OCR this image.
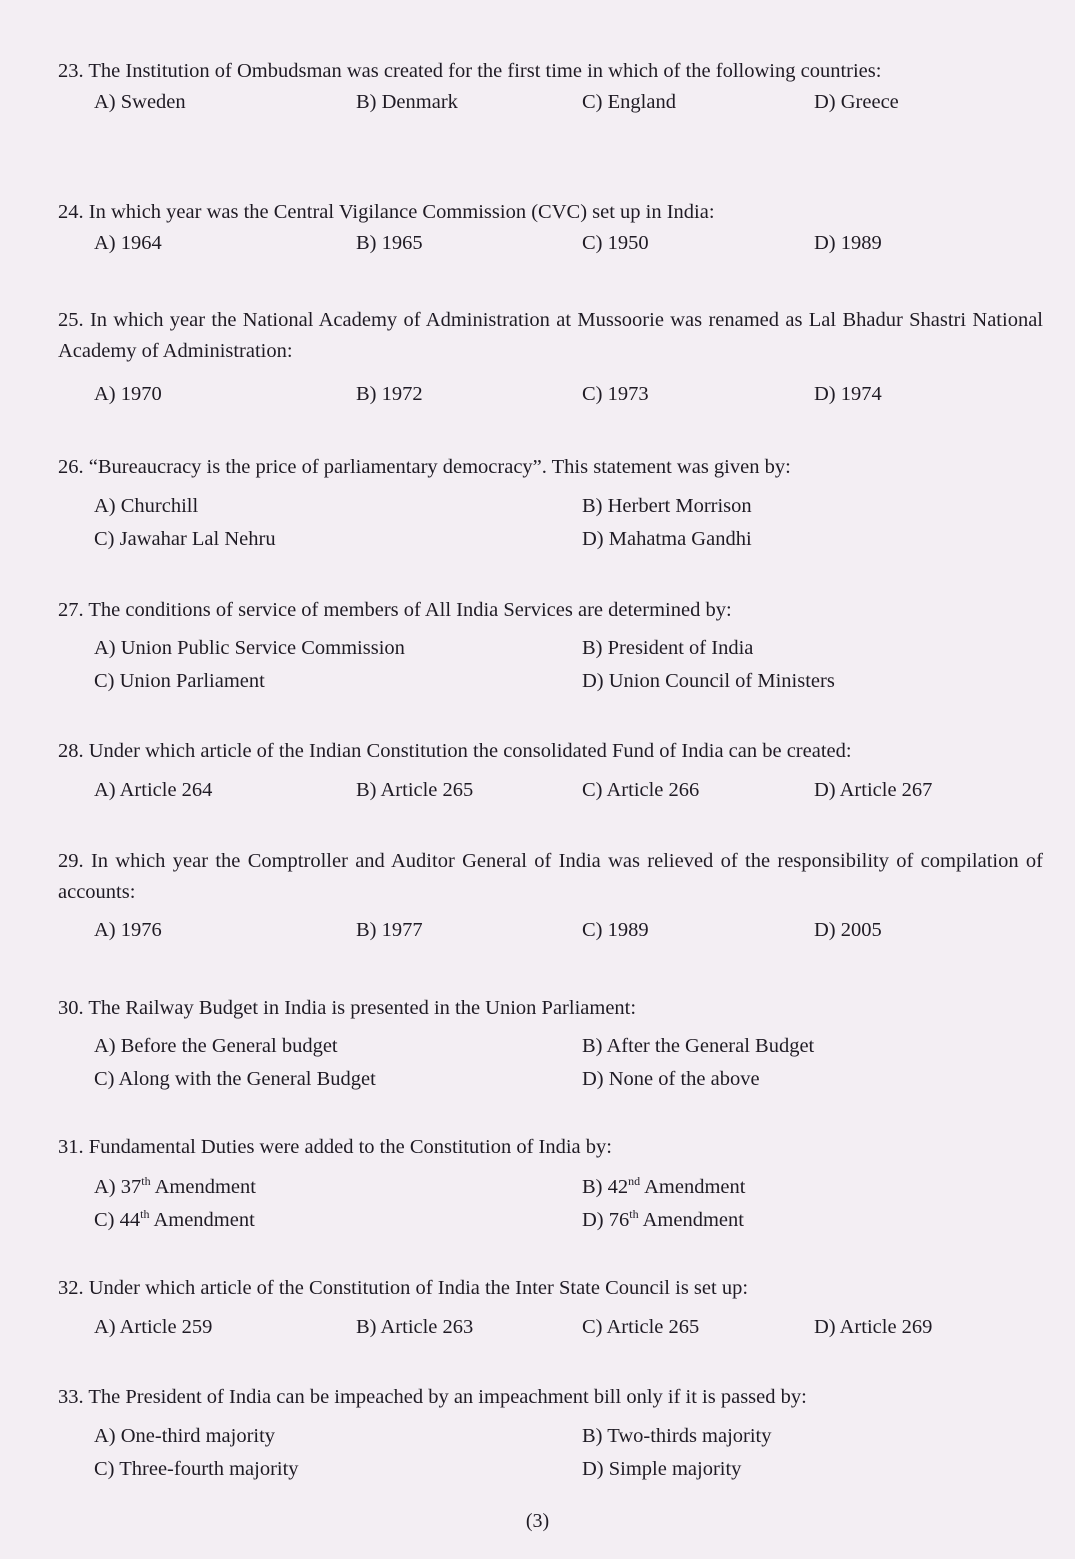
23. The Institution of Ombudsman was created for the first time in which of the following countries:

A) Sweden	B) Denmark	C) England	D) Greece

24. In which year was the Central Vigilance Commission (CVC) set up in India:

A) 1964	B) 1965	C) 1950	D) 1989

25. In which year the National Academy of Administration at Mussoorie was renamed as Lal Bhadur Shastri National Academy of Administration:

A) 1970	B) 1972	C) 1973	D) 1974

26. “Bureaucracy is the price of parliamentary democracy”. This statement was given by:

A) Churchill	B) Herbert Morrison
C) Jawahar Lal Nehru	D) Mahatma Gandhi

27. The conditions of service of members of All India Services are determined by:

A) Union Public Service Commission	B) President of India
C) Union Parliament	D) Union Council of Ministers

28. Under which article of the Indian Constitution the consolidated Fund of India can be created:

A) Article 264	B) Article 265	C) Article 266	D) Article 267

29. In which year the Comptroller and Auditor General of India was relieved of the responsibility of compilation of accounts:

A) 1976	B) 1977	C) 1989	D) 2005

30. The Railway Budget in India is presented in the Union Parliament:

A) Before the General budget	B) After the General Budget
C) Along with the General Budget	D) None of the above

31. Fundamental Duties were added to the Constitution of India by:

A) 37th Amendment	B) 42nd Amendment
C) 44th Amendment	D) 76th Amendment

32. Under which article of the Constitution of India the Inter State Council is set up:

A) Article 259	B) Article 263	C) Article 265	D) Article 269

33. The President of India can be impeached by an impeachment bill only if it is passed by:

A) One-third majority	B) Two-thirds majority
C) Three-fourth majority	D) Simple majority
(3)
